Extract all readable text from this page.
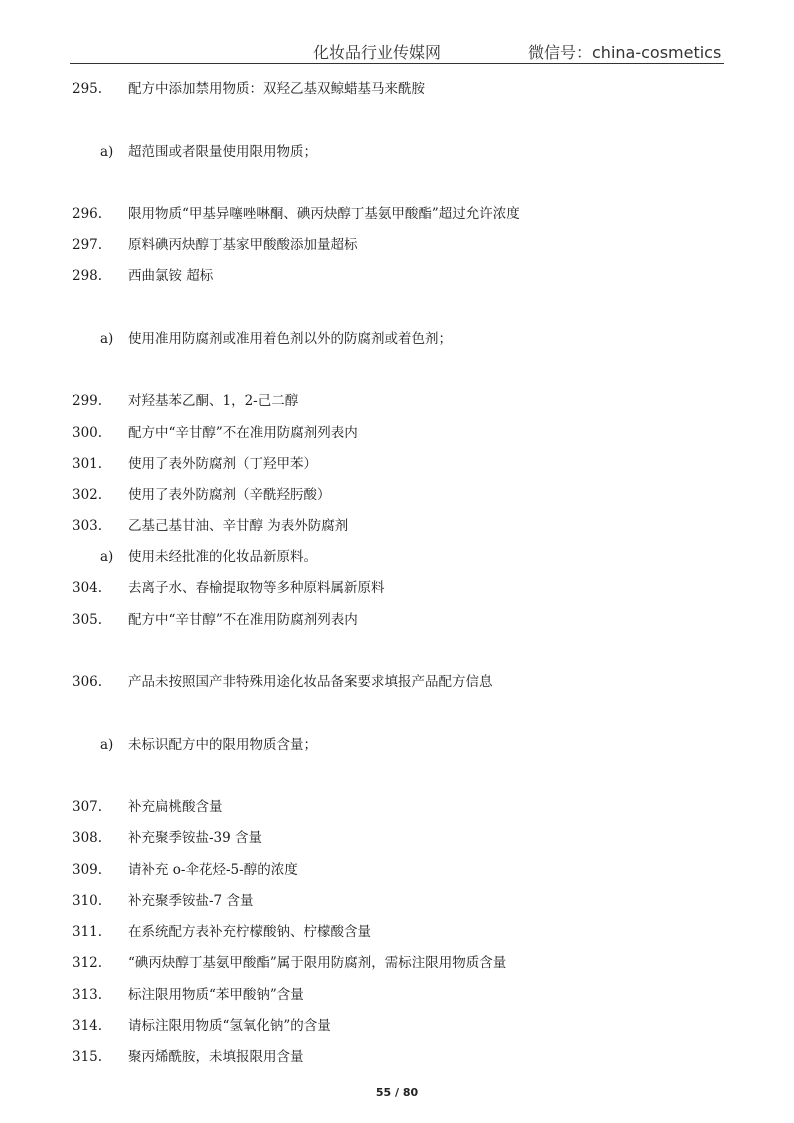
化妆品行业传媒网	微信号：china-cosmetics
295. 配方中添加禁用物质：双羟乙基双鲸蜡基马来酰胺
a) 超范围或者限量使用限用物质；
296. 限用物质“甲基异噻唑啉酮、碘丙炔醇丁基氨甲酸酯”超过允许浓度
297. 原料碘丙炔醇丁基家甲酸酸添加量超标
298. 西曲氯铵 超标
a) 使用准用防腐剂或准用着色剂以外的防腐剂或着色剂；
299. 对羟基苯乙酮、1，2-己二醇
300. 配方中“辛甘醇”不在准用防腐剂列表内
301. 使用了表外防腐剂（丁羟甲苯）
302. 使用了表外防腐剂（辛酰羟肟酸）
303. 乙基己基甘油、辛甘醇 为表外防腐剂
a) 使用未经批准的化妆品新原料。
304. 去离子水、春榆提取物等多种原料属新原料
305. 配方中“辛甘醇”不在准用防腐剂列表内
306. 产品未按照国产非特殊用途化妆品备案要求填报产品配方信息
a) 未标识配方中的限用物质含量；
307. 补充扁桃酸含量
308. 补充聚季铵盐-39 含量
309. 请补充 o-伞花烃-5-醇的浓度
310. 补充聚季铵盐-7 含量
311. 在系统配方表补充柠檬酸钠、柠檬酸含量
312. “碘丙炔醇丁基氨甲酸酯”属于限用防腐剂，需标注限用物质含量
313. 标注限用物质“苯甲酸钠”含量
314. 请标注限用物质“氢氧化钠”的含量
315. 聚丙烯酰胺，未填报限用含量
55 / 80
